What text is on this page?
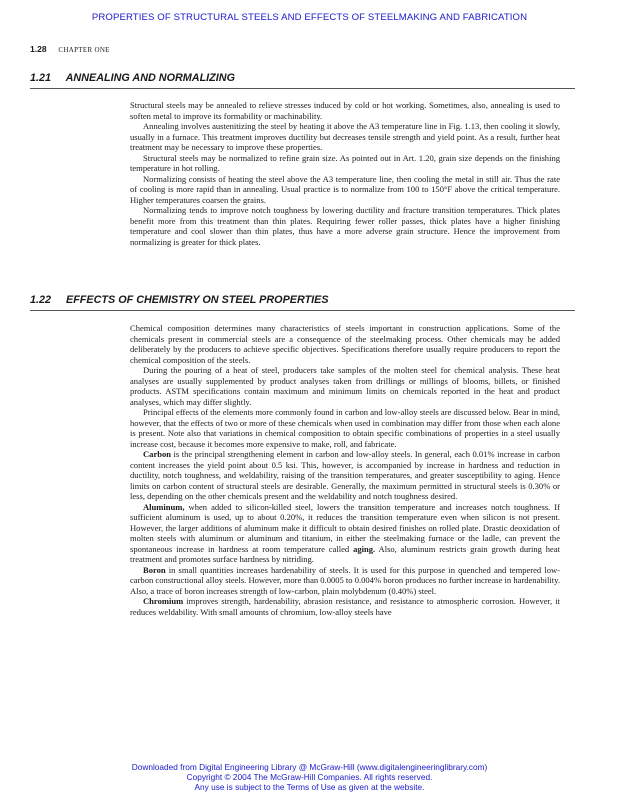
PROPERTIES OF STRUCTURAL STEELS AND EFFECTS OF STEELMAKING AND FABRICATION
1.28 CHAPTER ONE
1.21 ANNEALING AND NORMALIZING

Structural steels may be annealed to relieve stresses induced by cold or hot working. Sometimes, also, annealing is used to soften metal to improve its formability or machinability.

Annealing involves austenitizing the steel by heating it above the A3 temperature line in Fig. 1.13, then cooling it slowly, usually in a furnace. This treatment improves ductility but decreases tensile strength and yield point. As a result, further heat treatment may be necessary to improve these properties.

Structural steels may be normalized to refine grain size. As pointed out in Art. 1.20, grain size depends on the finishing temperature in hot rolling.

Normalizing consists of heating the steel above the A3 temperature line, then cooling the metal in still air. Thus the rate of cooling is more rapid than in annealing. Usual practice is to normalize from 100 to 150°F above the critical temperature. Higher temperatures coarsen the grains.

Normalizing tends to improve notch toughness by lowering ductility and fracture transition temperatures. Thick plates benefit more from this treatment than thin plates. Requiring fewer roller passes, thick plates have a higher finishing temperature and cool slower than thin plates, thus have a more adverse grain structure. Hence the improvement from normalizing is greater for thick plates.

1.22 EFFECTS OF CHEMISTRY ON STEEL PROPERTIES

Chemical composition determines many characteristics of steels important in construction applications. Some of the chemicals present in commercial steels are a consequence of the steelmaking process. Other chemicals may be added deliberately by the producers to achieve specific objectives. Specifications therefore usually require producers to report the chemical composition of the steels.

During the pouring of a heat of steel, producers take samples of the molten steel for chemical analysis. These heat analyses are usually supplemented by product analyses taken from drillings or millings of blooms, billets, or finished products. ASTM specifications contain maximum and minimum limits on chemicals reported in the heat and product analyses, which may differ slightly.

Principal effects of the elements more commonly found in carbon and low-alloy steels are discussed below. Bear in mind, however, that the effects of two or more of these chemicals when used in combination may differ from those when each alone is present. Note also that variations in chemical composition to obtain specific combinations of properties in a steel usually increase cost, because it becomes more expensive to make, roll, and fabricate.

Carbon is the principal strengthening element in carbon and low-alloy steels. In general, each 0.01% increase in carbon content increases the yield point about 0.5 ksi. This, however, is accompanied by increase in hardness and reduction in ductility, notch toughness, and weldability, raising of the transition temperatures, and greater susceptibility to aging. Hence limits on carbon content of structural steels are desirable. Generally, the maximum permitted in structural steels is 0.30% or less, depending on the other chemicals present and the weldability and notch toughness desired.

Aluminum, when added to silicon-killed steel, lowers the transition temperature and increases notch toughness. If sufficient aluminum is used, up to about 0.20%, it reduces the transition temperature even when silicon is not present. However, the larger additions of aluminum make it difficult to obtain desired finishes on rolled plate. Drastic deoxidation of molten steels with aluminum or aluminum and titanium, in either the steelmaking furnace or the ladle, can prevent the spontaneous increase in hardness at room temperature called aging. Also, aluminum restricts grain growth during heat treatment and promotes surface hardness by nitriding.

Boron in small quantities increases hardenability of steels. It is used for this purpose in quenched and tempered low-carbon constructional alloy steels. However, more than 0.0005 to 0.004% boron produces no further increase in hardenability. Also, a trace of boron increases strength of low-carbon, plain molybdenum (0.40%) steel.

Chromium improves strength, hardenability, abrasion resistance, and resistance to atmospheric corrosion. However, it reduces weldability. With small amounts of chromium, low-alloy steels have

Downloaded from Digital Engineering Library @ McGraw-Hill (www.digitalengineeringlibrary.com)
Copyright © 2004 The McGraw-Hill Companies. All rights reserved.
Any use is subject to the Terms of Use as given at the website.
